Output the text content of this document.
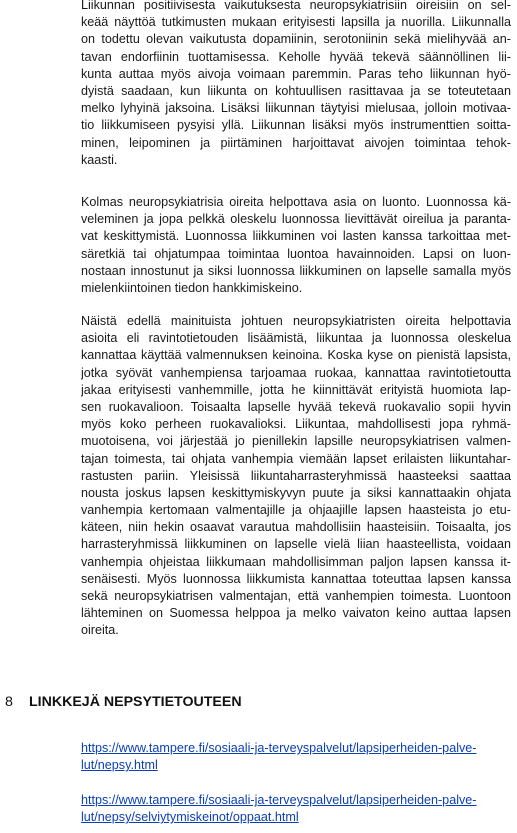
Liikunnan positiivisesta vaikutuksesta neuropsykiatrisiin oireisiin on sel-
keää näyttöä tutkimusten mukaan erityisesti lapsilla ja nuorilla. Liikunnalla
on todettu olevan vaikutusta dopamiinin, serotoniinin sekä mielihyvää an-
tavan endorfiinin tuottamisessa. Keholle hyvää tekevä säännöllinen lii-
kunta auttaa myös aivoja voimaan paremmin. Paras teho liikunnan hyö-
dyistä saadaan, kun liikunta on kohtuullisen rasittavaa ja se toteutetaan
melko lyhyinä jaksoina. Lisäksi liikunnan täytyisi mielusaa, jolloin motivaa-
tio liikkumiseen pysyisi yllä. Liikunnan lisäksi myös instrumenttien soitta-
minen, leipominen ja piirtäminen harjoittavat aivojen toimintaa tehok-
kaasti.
Kolmas neuropsykiatrisia oireita helpottava asia on luonto. Luonnossa kä-
veleminen ja jopa pelkkä oleskelu luonnossa lievittävät oireilua ja paranta-
vat keskittymistä. Luonnossa liikkuminen voi lasten kanssa tarkoittaa met-
säretkiä tai ohjatumpaa toimintaa luontoa havainnoiden. Lapsi on luon-
nostaan innostunut ja siksi luonnossa liikkuminen on lapselle samalla myös
mielenkiintoinen tiedon hankkimiskeino.
Näistä edellä mainituista johtuen neuropsykiatristen oireita helpottavia
asioita eli ravintotietouden lisäämistä, liikuntaa ja luonnossa oleskelua
kannattaa käyttää valmennuksen keinoina. Koska kyse on pienistä lapsista,
jotka syövät vanhempiensa tarjoamaa ruokaa, kannattaa ravintotietoutta
jakaa erityisesti vanhemmille, jotta he kiinnittävät erityistä huomiota lap-
sen ruokavalioon. Toisaalta lapselle hyvää tekevä ruokavalio sopii hyvin
myös koko perheen ruokavalioksi. Liikuntaa, mahdollisesti jopa ryhmä-
muotoisena, voi järjestää jo pienillekin lapsille neuropsykiatrisen valmen-
tajan toimesta, tai ohjata vanhempia viemään lapset erilaisten liikuntahar-
rastusten pariin. Yleisissä liikuntaharrasteryhmissä haasteeksi saattaa
nousta joskus lapsen keskittymiskyvyn puute ja siksi kannattaakin ohjata
vanhempia kertomaan valmentajille ja ohjaajille lapsen haasteista jo etu-
käteen, niin hekin osaavat varautua mahdollisiin haasteisiin. Toisaalta, jos
harrasteryhmissä liikkuminen on lapselle vielä liian haasteellista, voidaan
vanhempia ohjeistaa liikkumaan mahdollisimman paljon lapsen kanssa it-
senäisesti. Myös luonnossa liikkumista kannattaa toteuttaa lapsen kanssa
sekä neuropsykiatrisen valmentajan, että vanhempien toimesta. Luontoon
lähteminen on Suomessa helppoa ja melko vaivaton keino auttaa lapsen
oireita.
8 LINKKEJÄ NEPSYTIETOUTEEN
https://www.tampere.fi/sosiaali-ja-terveyspalvelut/lapsiperheiden-palve-
lut/nepsy.html
https://www.tampere.fi/sosiaali-ja-terveyspalvelut/lapsiperheiden-palve-
lut/nepsy/selviytymiskeinot/oppaat.html
